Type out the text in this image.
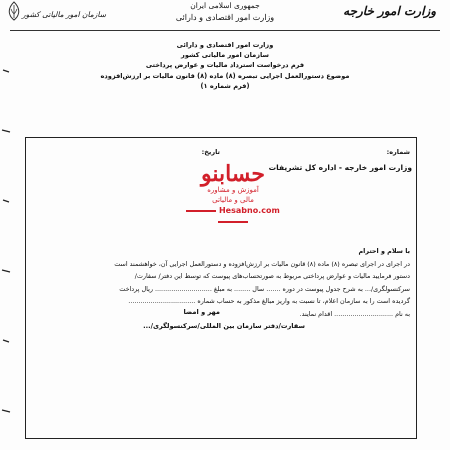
سازمان امور مالیاتی کشور
جمهوری اسلامی ایران
وزارت امور اقتصادی و دارائی	وزارت امور خارجه
وزارت امور اقتصادی و دارائی
سازمان امور مالیاتی کشور
فرم درخواست استرداد مالیات و عوارض پرداختی
موضوع دستورالعمل اجرایی تبصره (۸) ماده (۸) قانون مالیات بر ارزش‌افزوده
(فرم شماره ۱)
شماره:
تاریخ:
وزارت امور خارجه - اداره کل تشریفات
حسابنو
آموزش و مشاوره
مالی و مالیاتی
Hesabno.com
با سلام و احترام
در اجرای در اجرای تبصره (۸) ماده (۸) قانون مالیات بر ارزش‌افزوده و دستورالعمل اجرایی آن، خواهشمند است
دستور فرمایید مالیات و عوارض پرداختی مربوط به صورتحساب‌های پیوست که توسط این دفتر/ سفارت/
سرکنسولگری/... به شرح جدول پیوست در دوره ....... سال ........ به مبلغ ............................ ریال پرداخت
گردیده است را به سازمان اعلام، تا نسبت به واریز مبالغ مذکور به حساب شماره .................................
به نام ............................. اقدام نمایند.
مهر و امضا
سفارت/دفتر سازمان بین المللی/سرکنسولگری/...
